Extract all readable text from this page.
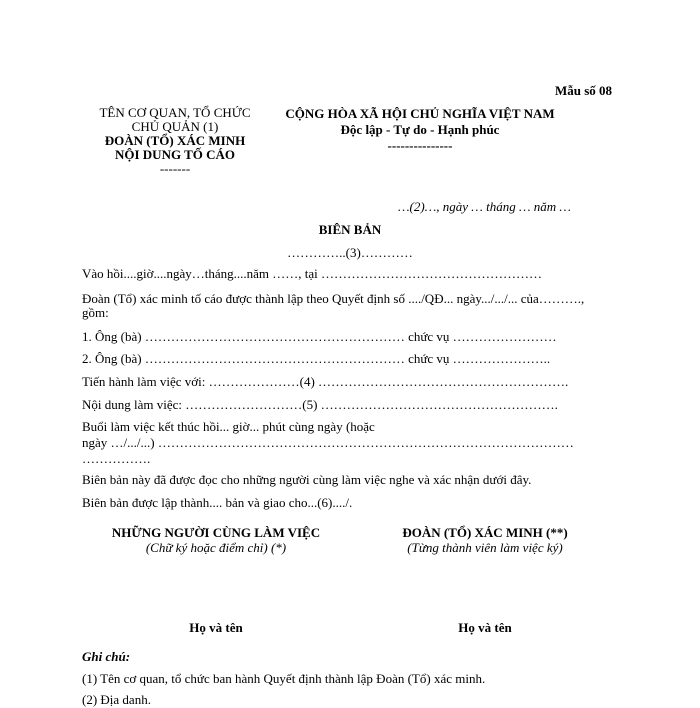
Mẫu số 08
TÊN CƠ QUAN, TỔ CHỨC
CHỦ QUẢN (1)
ĐOÀN (TỔ) XÁC MINH
NỘI DUNG TỐ CÁO
-------
CỘNG HÒA XÃ HỘI CHỦ NGHĨA VIỆT NAM
Độc lập - Tự do - Hạnh phúc
---------------
…(2)…, ngày … tháng … năm …
BIÊN BẢN
…………..(3)…………
Vào hồi....giờ....ngày…tháng....năm ……, tại ……………………………………………
Đoàn (Tổ) xác minh tố cáo được thành lập theo Quyết định số ..../QĐ... ngày.../.../... của……….,
gồm:
1. Ông (bà) …………………………………………………… chức vụ ……………………
2. Ông (bà) …………………………………………………… chức vụ …………………..
Tiến hành làm việc với: …………………(4) ………………………………………………….
Nội dung làm việc: ………………………(5) ……………………………………………….
Buổi làm việc kết thúc hồi... giờ... phút cùng ngày (hoặc
ngày …/.../...) ……………………………………………………………………………………
…………….
Biên bản này đã được đọc cho những người cùng làm việc nghe và xác nhận dưới đây.
Biên bản được lập thành.... bản và giao cho...(6)..../.
NHỮNG NGƯỜI CÙNG LÀM VIỆC
(Chữ ký hoặc điểm chỉ) (*)
ĐOÀN (TỔ) XÁC MINH (**)
(Từng thành viên làm việc ký)
Họ và tên	Họ và tên
Ghi chú:
(1) Tên cơ quan, tổ chức ban hành Quyết định thành lập Đoàn (Tổ) xác minh.
(2) Địa danh.
